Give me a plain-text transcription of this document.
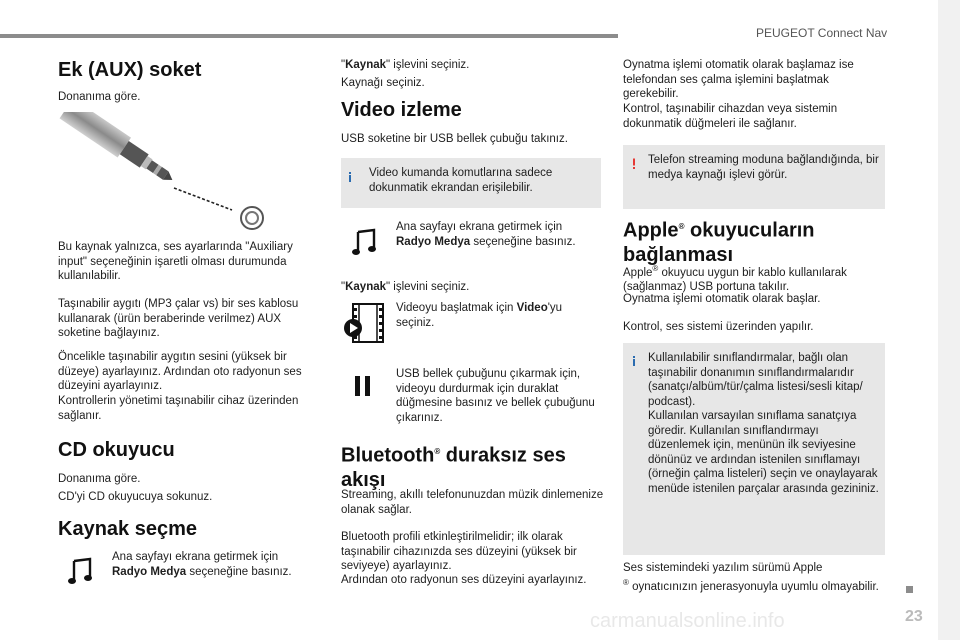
PEUGEOT Connect Nav
23
carmanualsonline.info
Ek (AUX) soket

Donanıma göre.

Bu kaynak yalnızca, ses ayarlarında "Auxiliary input" seçeneğinin işaretli olması durumunda kullanılabilir.

Taşınabilir aygıtı (MP3 çalar vs) bir ses kablosu kullanarak (ürün beraberinde verilmez) AUX soketine bağlayınız.

Öncelikle taşınabilir aygıtın sesini (yüksek bir düzeye) ayarlayınız. Ardından oto radyonun ses düzeyini ayarlayınız.

Kontrollerin yönetimi taşınabilir cihaz üzerinden sağlanır.

CD okuyucu

Donanıma göre.

CD'yi CD okuyucuya sokunuz.

Kaynak seçme

Ana sayfayı ekrana getirmek için
Radyo Medya seçeneğine basınız.

"Kaynak" işlevini seçiniz.

Kaynağı seçiniz.

Video izleme

USB soketine bir USB bellek çubuğu takınız.

Video kumanda komutlarına sadece dokunmatik ekrandan erişilebilir.

Ana sayfayı ekrana getirmek için
Radyo Medya seçeneğine basınız.

"Kaynak" işlevini seçiniz.

Videoyu başlatmak için Video'yu seçiniz.

USB bellek çubuğunu çıkarmak için, videoyu durdurmak için duraklat düğmesine basınız ve bellek çubuğunu çıkarınız.

Bluetooth® duraksız ses
akışı

Streaming, akıllı telefonunuzdan müzik dinlemenize olanak sağlar.

Bluetooth profili etkinleştirilmelidir; ilk olarak taşınabilir cihazınızda ses düzeyini (yüksek bir seviyeye) ayarlayınız.

Ardından oto radyonun ses düzeyini ayarlayınız.

Oynatma işlemi otomatik olarak başlamaz ise telefondan ses çalma işlemini başlatmak gerekebilir.

Kontrol, taşınabilir cihazdan veya sistemin dokunmatik düğmeleri ile sağlanır.

Telefon streaming moduna bağlandığında, bir medya kaynağı işlevi görür.
Apple® okuyucuların
bağlanması

Apple® okuyucu uygun bir kablo kullanılarak (sağlanmaz) USB portuna takılır.

Oynatma işlemi otomatik olarak başlar.

Kontrol, ses sistemi üzerinden yapılır.

Kullanılabilir sınıflandırmalar, bağlı olan taşınabilir donanımın sınıflandırmalarıdır (sanatçı/albüm/tür/çalma listesi/sesli kitap/ podcast).
Kullanılan varsayılan sınıflama sanatçıya göredir. Kullanılan sınıflandırmayı düzenlemek için, menünün ilk seviyesine dönünüz ve ardından istenilen sınıflamayı (örneğin çalma listeleri) seçin ve onaylayarak menüde istenilen parçalar arasında gezininiz.

Ses sistemindeki yazılım sürümü Apple
® oynatıcınızın jenerasyonuyla uyumlu olmayabilir.
